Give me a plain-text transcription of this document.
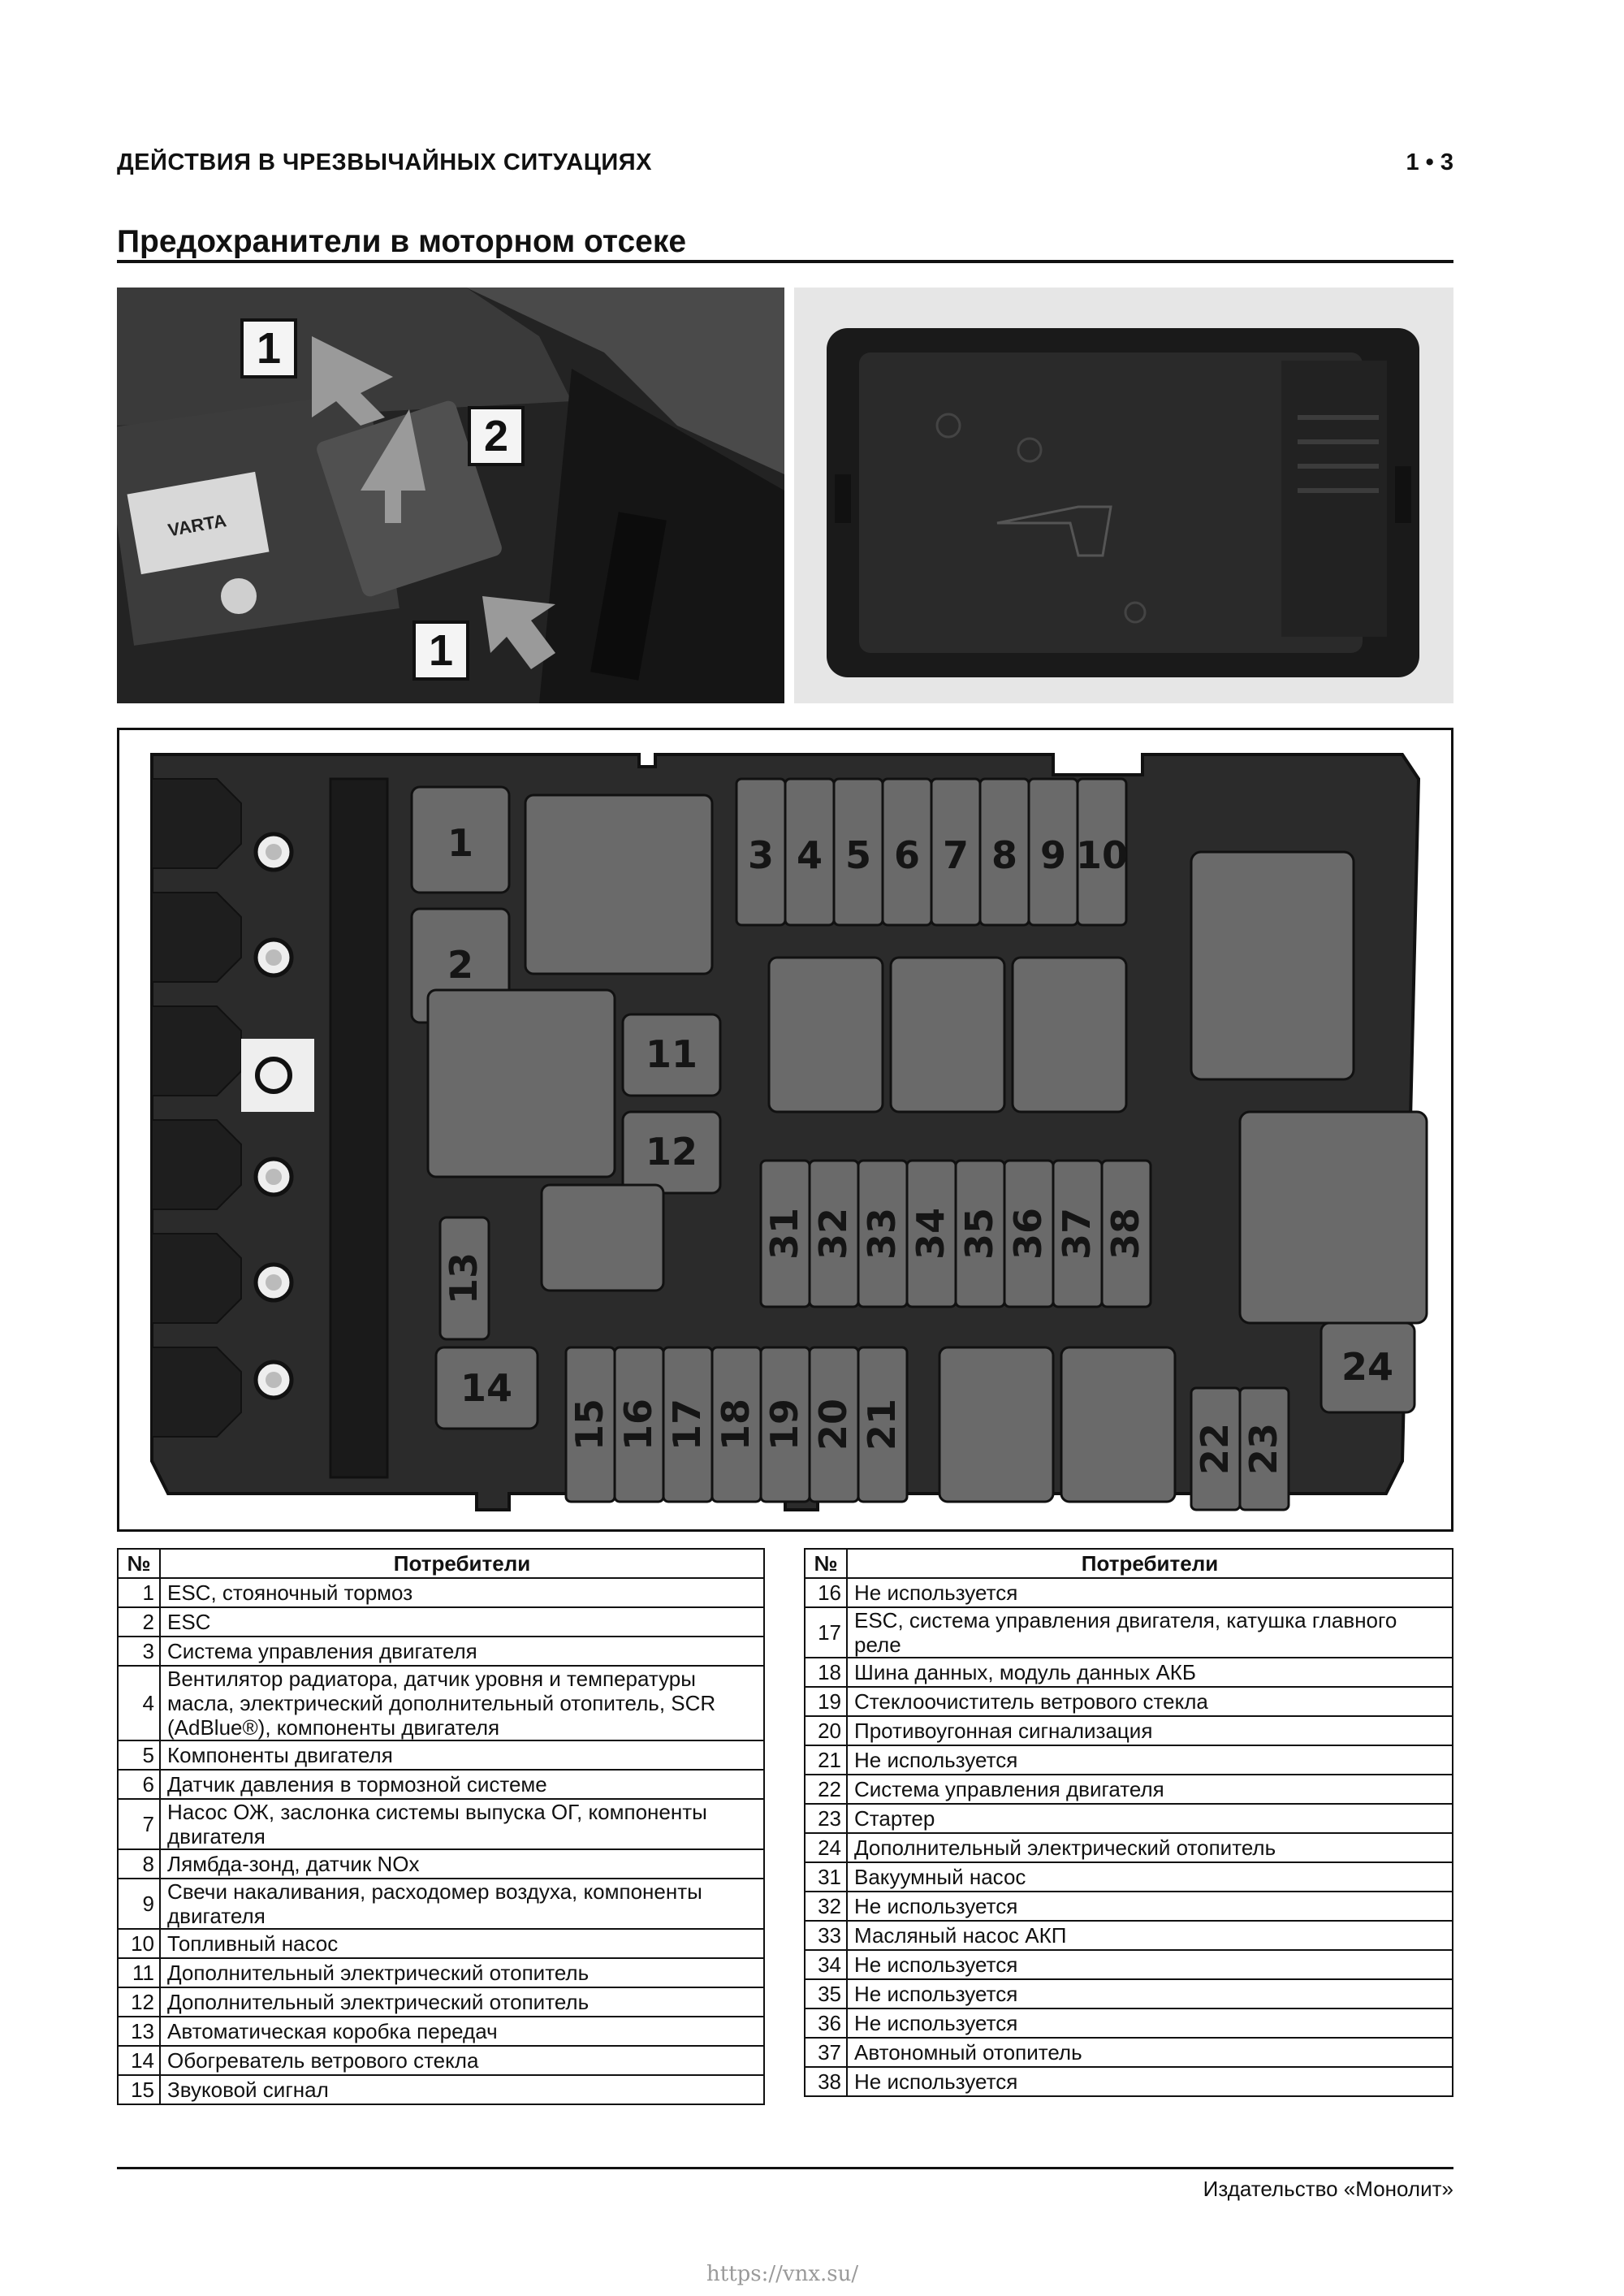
ДЕЙСТВИЯ В ЧРЕЗВЫЧАЙНЫХ СИТУАЦИЯХ	1 • 3
Предохранители в моторном отсеке
VARTA
1
2
1
1
2
3 4 5 6 7 8 9 10
11
12
13
14
15 16 17 18 19 20 21	22 23
24
31 32 33 34 35 36 37 38
№	Потребители
1	ESC, стояночный тормоз
2	ESC
3	Система управления двигателя
4	Вентилятор радиатора, датчик уровня и температуры масла, электрический дополнительный отопитель, SCR (AdBlue®), компоненты двигателя
5	Компоненты двигателя
6	Датчик давления в тормозной системе
7	Насос ОЖ, заслонка системы выпуска ОГ, компоненты двигателя
8	Лямбда-зонд, датчик NOx
9	Свечи накаливания, расходомер воздуха, компоненты двигателя
10	Топливный насос
11	Дополнительный электрический отопитель
12	Дополнительный электрический отопитель
13	Автоматическая коробка передач
14	Обогреватель ветрового стекла
15	Звуковой сигнал
№	Потребители
16	Не используется
17	ESC, система управления двигателя, катушка главного реле
18	Шина данных, модуль данных АКБ
19	Стеклоочиститель ветрового стекла
20	Противоугонная сигнализация
21	Не используется
22	Система управления двигателя
23	Стартер
24	Дополнительный электрический отопитель
31	Вакуумный насос
32	Не используется
33	Масляный насос АКП
34	Не используется
35	Не используется
36	Не используется
37	Автономный отопитель
38	Не используется
Издательство «Монолит»
https://vnx.su/
